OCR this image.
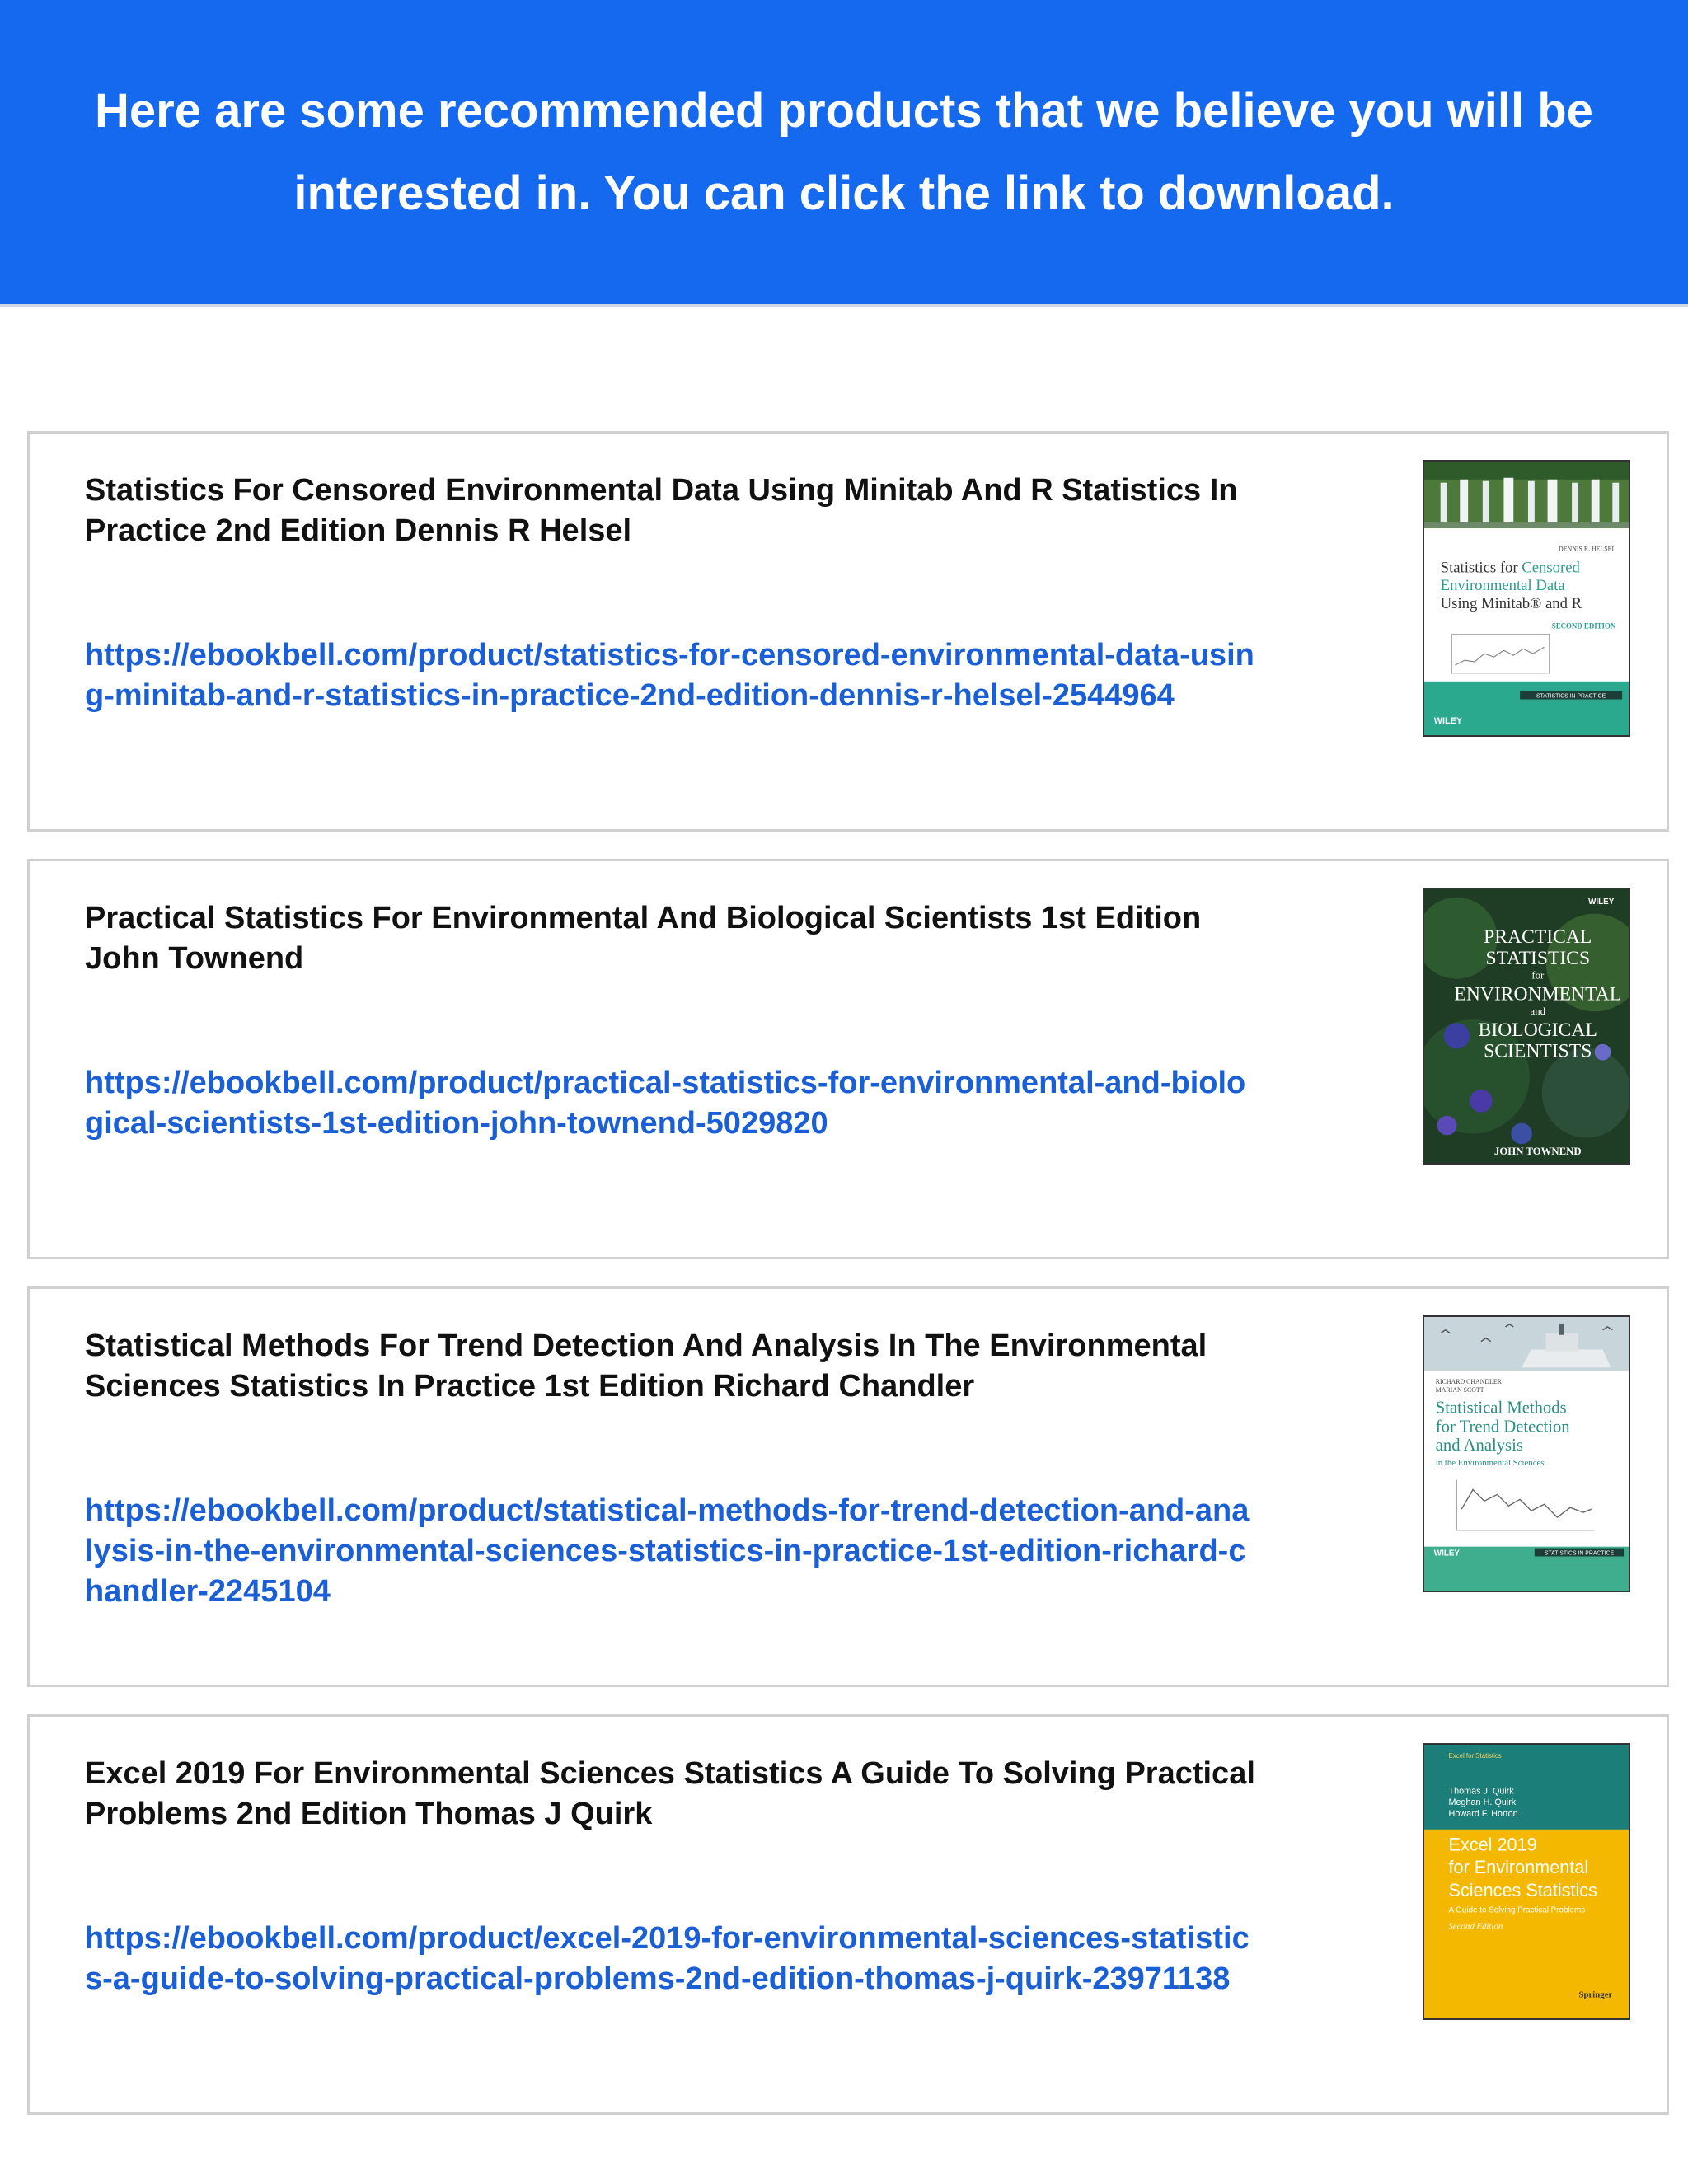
Here are some recommended products that we believe you will be interested in. You can click the link to download.

Statistics For Censored Environmental Data Using Minitab And R Statistics In Practice 2nd Edition Dennis R Helsel

https://ebookbell.com/product/statistics-for-censored-environmental-data-using-minitab-and-r-statistics-in-practice-2nd-edition-dennis-r-helsel-2544964
DENNIS R. HELSEL
Statistics for Censored
Environmental Data
Using Minitab® and R
SECOND EDITION
STATISTICS IN PRACTICE
WILEY

Practical Statistics For Environmental And Biological Scientists 1st Edition John Townend

https://ebookbell.com/product/practical-statistics-for-environmental-and-biological-scientists-1st-edition-john-townend-5029820
WILEY
PRACTICAL
STATISTICS
for
ENVIRONMENTAL
and
BIOLOGICAL
SCIENTISTS
JOHN TOWNEND

Statistical Methods For Trend Detection And Analysis In The Environmental Sciences Statistics In Practice 1st Edition Richard Chandler

https://ebookbell.com/product/statistical-methods-for-trend-detection-and-analysis-in-the-environmental-sciences-statistics-in-practice-1st-edition-richard-chandler-2245104
RICHARD CHANDLER
MARIAN SCOTT
Statistical Methods
for Trend Detection
and Analysis
in the Environmental Sciences
STATISTICS IN PRACTICE
WILEY

Excel 2019 For Environmental Sciences Statistics A Guide To Solving Practical Problems 2nd Edition Thomas J Quirk

https://ebookbell.com/product/excel-2019-for-environmental-sciences-statistics-a-guide-to-solving-practical-problems-2nd-edition-thomas-j-quirk-23971138
Excel for Statistics
Thomas J. Quirk
Meghan H. Quirk
Howard F. Horton
Excel 2019
for Environmental
Sciences Statistics
A Guide to Solving Practical Problems
Second Edition
Springer
